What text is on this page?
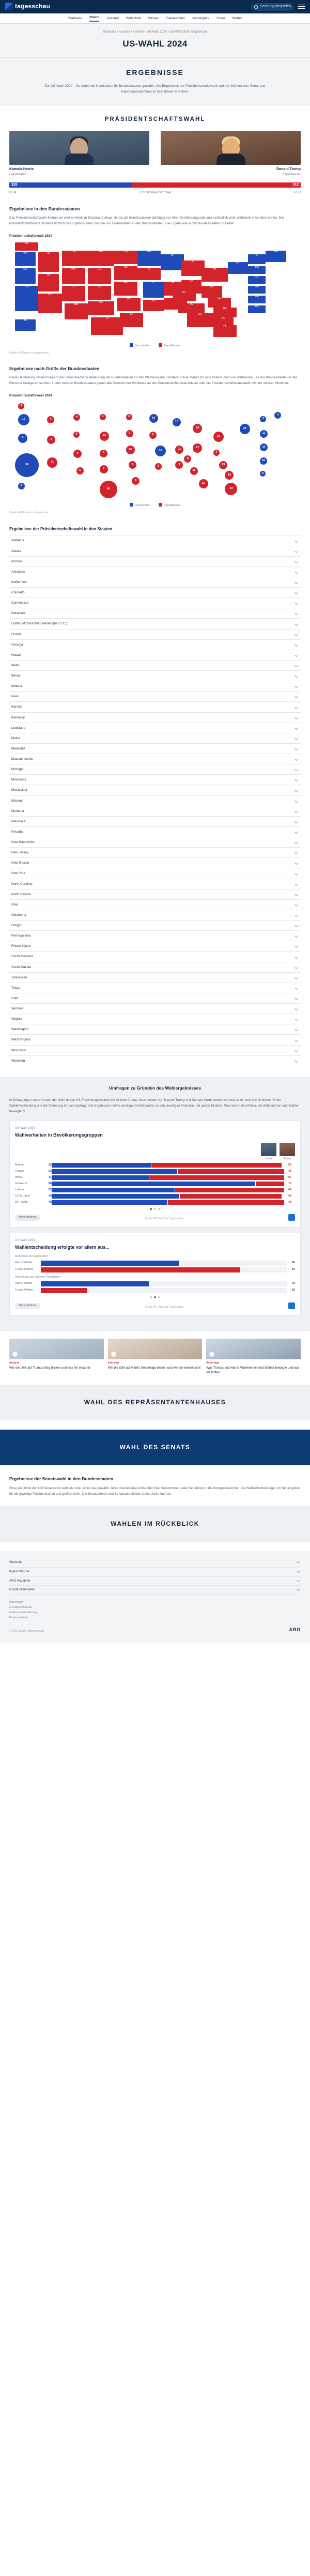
tagesschau	Sendung abspielen
Startseite Inland Ausland Wirtschaft Wissen Faktenfinder Investigativ Video Wetter
Startseite › Ausland › Amerika › US-Wahl 2024 › US-Wahl 2024: Ergebnisse
US-WAHL 2024
ERGEBNISSE

Zur US-Wahl 2024 – So treten die Kandidaten für Bundesstaaten gewählt. Alle Ergebnisse der Präsidentschaftswahl und der Wahlen zum Senat und Repräsentantenhaus in interaktiven Grafiken.

PRÄSIDENTSCHAFTSWAHL
Kamala Harris
Demokraten
Donald Trump
Republikaner
226	312
DEM	270 Stimmen zum Sieg	REP
Ergebnisse in den Bundesstaaten
Das Präsidentschaftswahl-Instrument wird ermittelt im Electoral College. In das die Bundesstaaten abhängig von ihrer Bevölkerungszahl unterschiedlich viele Wahlleute entsenden dürfen. Der Präsidentschaftswahl ist damit letztlich das Ergebnis einer Summe von Einzelwahlen in den Bundesstaaten. Die Ergebnisse in den Bundesstaaten im Detail:
Präsidentschaftswahl 2024
WA
OR
CA
ID
NV
AZ
MT
WY
UT
NM
CO
ND
KS
OK
TX
SD
NE
MO
AR
LA
MN
IA
IL
MS
WI
IN
MI
OH
KY
TN
GA
PA
WV
VA
NC
SC
FL
NY
VT
ME
MA
NJ
MD
DE
DC
HI
AK
Demokraten	Republikaner
Quelle: AP/Edison u.a./tagesschau
Ergebnisse nach Größe der Bundesstaaten
Diese Darstellung veranschaulicht die unterschiedliche Bedeutung der Bundesstaaten für den Wahlausgang. Größere Kreise stehen für eine höhere Zahl von Wahlleuten. Die der Bundesstaaten in das Electoral College entsenden. In den meisten Bundesstaaten gehen alle Stimmen der Wahlleute an den Präsidentschaftskandidaten oder die Präsidentschaftskandidatin mit den meisten Stimmen.
Präsidentschaftswahl 2024
12
8
54
4
6
11
4
3
6
5
10
3
6
7
40
3
5
10
6
8
10
6
19
6
10
11
9
15
17
8
11
16
19
4
13
16
30
28
3
4
11
14
10
3
4
3
Demokraten	Republikaner
Quelle: AP/Edison u.a./tagesschau
Ergebnisse der Präsidentschaftswahl in den Staaten
Alabama
Alaska
Arizona
Arkansas
Kalifornien
Colorado
Connecticut
Delaware
District of Columbia (Washington D.C.)
Florida
Georgia
Hawaii
Idaho
Illinois
Indiana
Iowa
Kansas
Kentucky
Louisiana
Maine
Maryland
Massachusetts
Michigan
Minnesota
Mississippi
Missouri
Montana
Nebraska
Nevada
New Hampshire
New Jersey
New Mexico
New York
North Carolina
North Dakota
Ohio
Oklahoma
Oregon
Pennsylvania
Rhode Island
South Carolina
South Dakota
Tennessee
Texas
Utah
Vermont
Virginia
Washington
West Virginia
Wisconsin
Wyoming
Umfragen zu Gründen des Wahlergebnisses

In Befragungen vor und nach der Wahl haben US-Forschungsinstitute die Gründe für das Abschneiden von Donald Trump und Kamala Harris untersucht und auch nach den Gründen für die Wahlentscheidung und die Stimmung im Land gefragt. Die Ergebnisse helfen wichtige Anhaltspunkte zu den jeweiligen Faktoren und geben Einblick: Was waren die Motive, die Wählerinnen und Wähler bewegten?

US-Wahl 2024
Wahlverhalten in Bevölkerungsgruppen
Harris	Trump
Männer	42	55
Frauen	53	45
Weiße	41	57
Schwarze	86	12
Latinos	52	46
18-29 Jahre	54	43
65+ Jahre	49	49
Mehr erfahren
Quelle: AP VoteCast / tagesschau
US-Wahl 2024
Wahlentscheidung erfolgte vor allem aus...
Motivation der Wählenden
Harris-Wähler	56
Trump-Wähler	81
Ablehnung des anderen Kandidaten
Harris-Wähler	44
Trump-Wähler	19
Mehr erfahren
Quelle: AP VoteCast / tagesschau
Analyse
Wie die USA auf Trumps Sieg blicken und was ihn erwartet
Interview
Wie die USA auf Harris' Niederlage blicken und wie sie weitermacht
Reportage
Was Trumps und Harris' Wählerinnen und Wähler bewegte und was sie hoffen
WAHL DES REPRÄSENTANTENHAUSES
WAHL DES SENATS
Ergebnisse der Senatswahl in den Bundesstaaten
Etwa ein Drittel der 100 Senatssitze wird alle zwei Jahre neu gewählt. Jeder Bundesstaat entsendet zwei Senatorinnen oder Senatoren in die Kongresskammer. Die Wahlentscheidungen im Senat gelten für die jeweilige Präsidentschaft und greifen tiefer: Die Senatorinnen und Senatoren bleiben sechs Jahre im Amt.
WAHLEN IM RÜCKBLICK
Startseite
tagesschau.de
ARD-Angebote
Rundfunkanstalten
Impressum
Zu tagesschau.de
Datenschutzerklärung
Barrierefreiheit
© ARD-aktuell / tagesschau.de	ARD
